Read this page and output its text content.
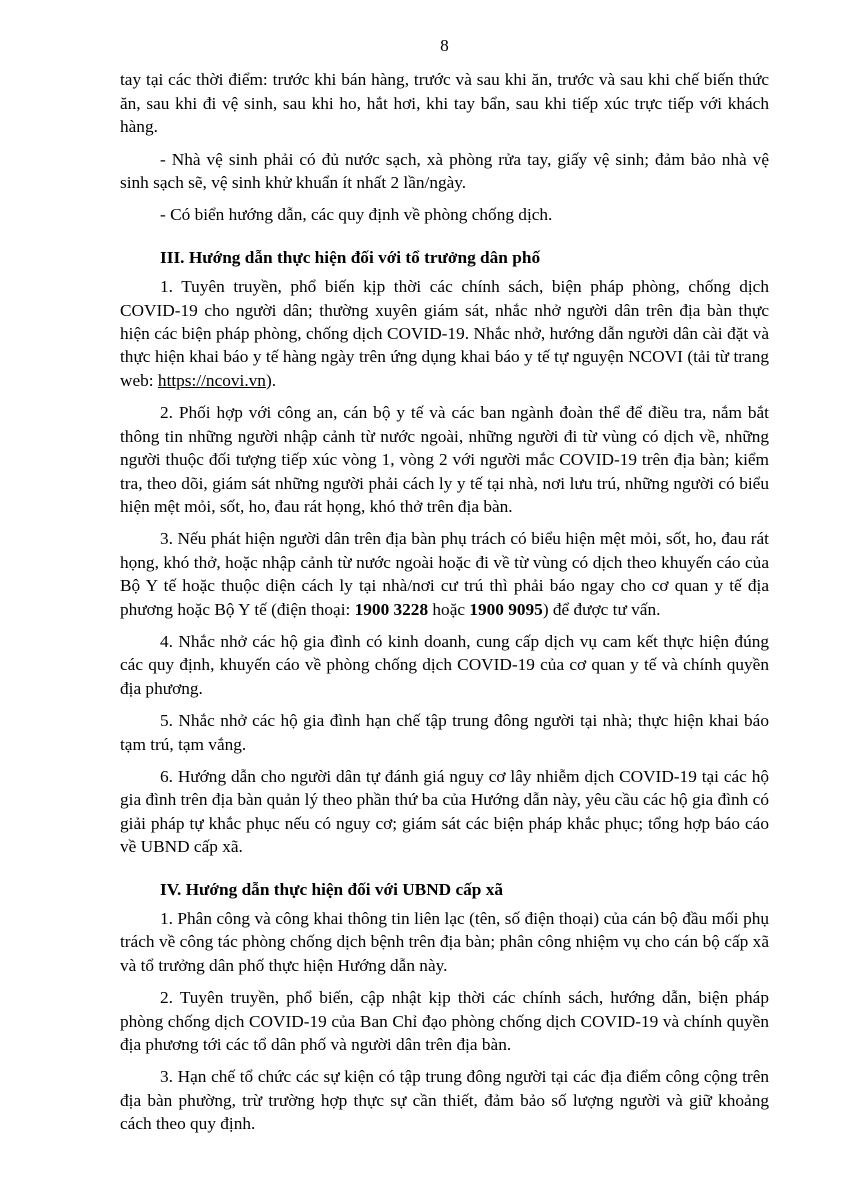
8

tay tại các thời điểm: trước khi bán hàng, trước và sau khi ăn, trước và sau khi chế biến thức ăn, sau khi đi vệ sinh, sau khi ho, hắt hơi, khi tay bẩn, sau khi tiếp xúc trực tiếp với khách hàng.

- Nhà vệ sinh phải có đủ nước sạch, xà phòng rửa tay, giấy vệ sinh; đảm bảo nhà vệ sinh sạch sẽ, vệ sinh khử khuẩn ít nhất 2 lần/ngày.

- Có biển hướng dẫn, các quy định về phòng chống dịch.

III. Hướng dẫn thực hiện đối với tổ trưởng dân phố

1. Tuyên truyền, phổ biến kịp thời các chính sách, biện pháp phòng, chống dịch COVID-19 cho người dân; thường xuyên giám sát, nhắc nhở người dân trên địa bàn thực hiện các biện pháp phòng, chống dịch COVID-19. Nhắc nhở, hướng dẫn người dân cài đặt và thực hiện khai báo y tế hàng ngày trên ứng dụng khai báo y tế tự nguyện NCOVI (tải từ trang web: https://ncovi.vn).

2. Phối hợp với công an, cán bộ y tế và các ban ngành đoàn thể để điều tra, nắm bắt thông tin những người nhập cảnh từ nước ngoài, những người đi từ vùng có dịch về, những người thuộc đối tượng tiếp xúc vòng 1, vòng 2 với người mắc COVID-19 trên địa bàn; kiểm tra, theo dõi, giám sát những người phải cách ly y tế tại nhà, nơi lưu trú, những người có biểu hiện mệt mỏi, sốt, ho, đau rát họng, khó thở trên địa bàn.

3. Nếu phát hiện người dân trên địa bàn phụ trách có biểu hiện mệt mỏi, sốt, ho, đau rát họng, khó thở, hoặc nhập cảnh từ nước ngoài hoặc đi về từ vùng có dịch theo khuyến cáo của Bộ Y tế hoặc thuộc diện cách ly tại nhà/nơi cư trú thì phải báo ngay cho cơ quan y tế địa phương hoặc Bộ Y tế (điện thoại: 1900 3228 hoặc 1900 9095) để được tư vấn.

4. Nhắc nhở các hộ gia đình có kinh doanh, cung cấp dịch vụ cam kết thực hiện đúng các quy định, khuyến cáo về phòng chống dịch COVID-19 của cơ quan y tế và chính quyền địa phương.

5. Nhắc nhở các hộ gia đình hạn chế tập trung đông người tại nhà; thực hiện khai báo tạm trú, tạm vắng.

6. Hướng dẫn cho người dân tự đánh giá nguy cơ lây nhiễm dịch COVID-19 tại các hộ gia đình trên địa bàn quản lý theo phần thứ ba của Hướng dẫn này, yêu cầu các hộ gia đình có giải pháp tự khắc phục nếu có nguy cơ; giám sát các biện pháp khắc phục; tổng hợp báo cáo về UBND cấp xã.

IV. Hướng dẫn thực hiện đối với UBND cấp xã

1. Phân công và công khai thông tin liên lạc (tên, số điện thoại) của cán bộ đầu mối phụ trách về công tác phòng chống dịch bệnh trên địa bàn; phân công nhiệm vụ cho cán bộ cấp xã và tổ trưởng dân phố thực hiện Hướng dẫn này.

2. Tuyên truyền, phổ biến, cập nhật kịp thời các chính sách, hướng dẫn, biện pháp phòng chống dịch COVID-19 của Ban Chỉ đạo phòng chống dịch COVID-19 và chính quyền địa phương tới các tổ dân phố và người dân trên địa bàn.

3. Hạn chế tổ chức các sự kiện có tập trung đông người tại các địa điểm công cộng trên địa bàn phường, trừ trường hợp thực sự cần thiết, đảm bảo số lượng người và giữ khoảng cách theo quy định.
